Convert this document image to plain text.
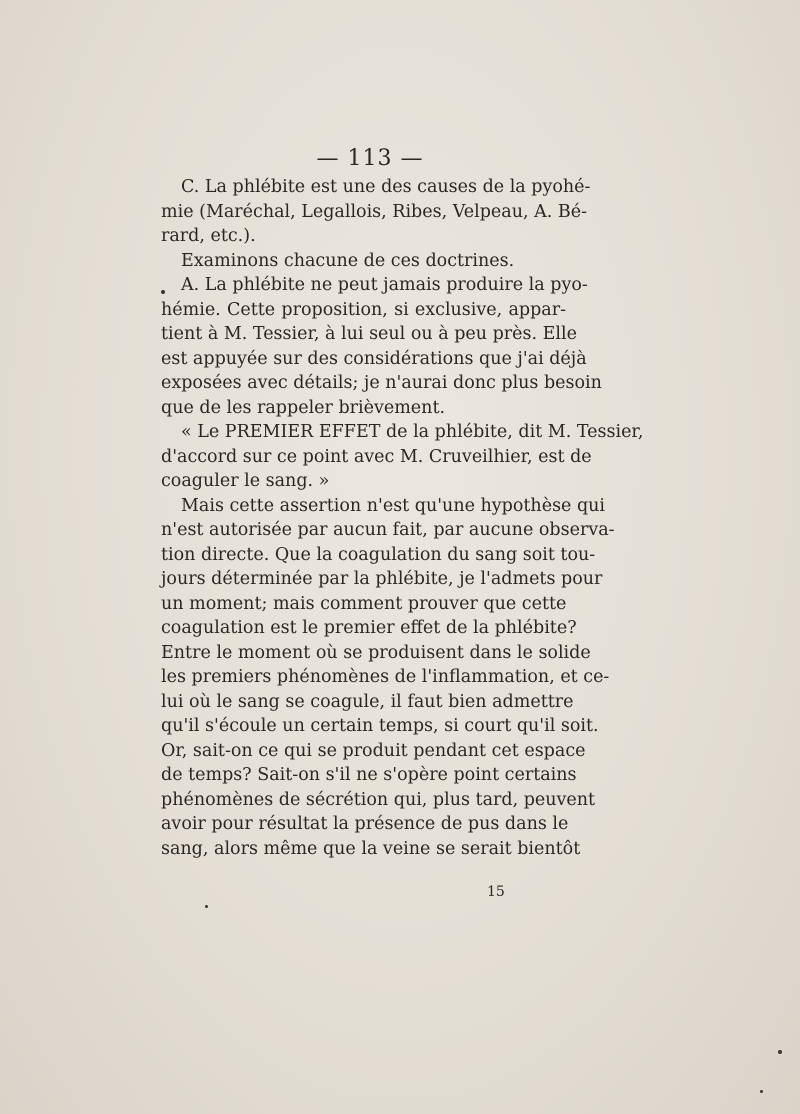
— 113 —
C. La phlébite est une des causes de la pyohé-
mie (Maréchal, Legallois, Ribes, Velpeau, A. Bé-
rard, etc.).
Examinons chacune de ces doctrines.
A. La phlébite ne peut jamais produire la pyo-
hémie. Cette proposition, si exclusive, appar-
tient à M. Tessier, à lui seul ou à peu près. Elle
est appuyée sur des considérations que j'ai déjà
exposées avec détails; je n'aurai donc plus besoin
que de les rappeler brièvement.
« Le PREMIER EFFET de la phlébite, dit M. Tessier,
d'accord sur ce point avec M. Cruveilhier, est de
coaguler le sang. »
Mais cette assertion n'est qu'une hypothèse qui
n'est autorisée par aucun fait, par aucune observa-
tion directe. Que la coagulation du sang soit tou-
jours déterminée par la phlébite, je l'admets pour
un moment; mais comment prouver que cette
coagulation est le premier effet de la phlébite?
Entre le moment où se produisent dans le solide
les premiers phénomènes de l'inflammation, et ce-
lui où le sang se coagule, il faut bien admettre
qu'il s'écoule un certain temps, si court qu'il soit.
Or, sait-on ce qui se produit pendant cet espace
de temps? Sait-on s'il ne s'opère point certains
phénomènes de sécrétion qui, plus tard, peuvent
avoir pour résultat la présence de pus dans le
sang, alors même que la veine se serait bientôt
15
